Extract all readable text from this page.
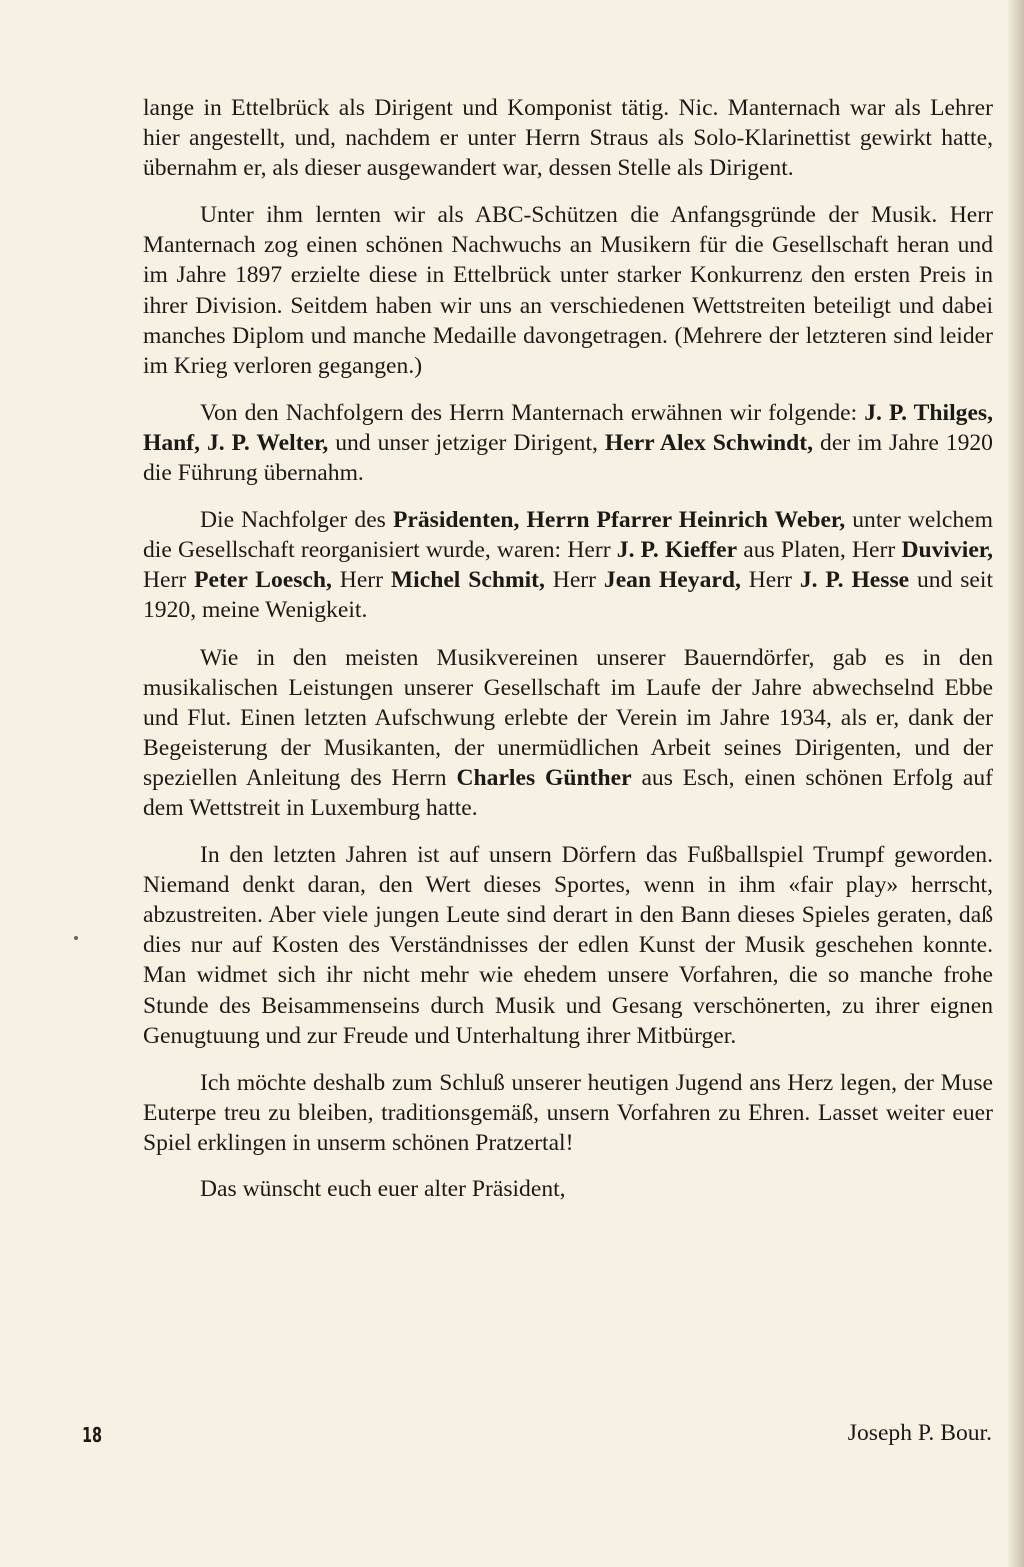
lange in Ettelbrück als Dirigent und Komponist tätig. Nic. Manternach war als Lehrer hier angestellt, und, nachdem er unter Herrn Straus als Solo-Klarinettist gewirkt hatte, übernahm er, als dieser ausgewandert war, dessen Stelle als Dirigent.

Unter ihm lernten wir als ABC-Schützen die Anfangsgründe der Musik. Herr Manternach zog einen schönen Nachwuchs an Musikern für die Gesellschaft heran und im Jahre 1897 erzielte diese in Ettelbrück unter starker Konkurrenz den ersten Preis in ihrer Division. Seitdem haben wir uns an verschiedenen Wettstreiten beteiligt und dabei manches Diplom und manche Medaille davongetragen. (Mehrere der letzteren sind leider im Krieg verloren gegangen.)

Von den Nachfolgern des Herrn Manternach erwähnen wir folgende: J. P. Thilges, Hanf, J. P. Welter, und unser jetziger Dirigent, Herr Alex Schwindt, der im Jahre 1920 die Führung übernahm.

Die Nachfolger des Präsidenten, Herrn Pfarrer Heinrich Weber, unter welchem die Gesellschaft reorganisiert wurde, waren: Herr J. P. Kieffer aus Platen, Herr Duvivier, Herr Peter Loesch, Herr Michel Schmit, Herr Jean Heyard, Herr J. P. Hesse und seit 1920, meine Wenigkeit.

Wie in den meisten Musikvereinen unserer Bauerndörfer, gab es in den musikalischen Leistungen unserer Gesellschaft im Laufe der Jahre abwechselnd Ebbe und Flut. Einen letzten Aufschwung erlebte der Verein im Jahre 1934, als er, dank der Begeisterung der Musikanten, der unermüdlichen Arbeit seines Dirigenten, und der speziellen Anleitung des Herrn Charles Günther aus Esch, einen schönen Erfolg auf dem Wettstreit in Luxemburg hatte.

In den letzten Jahren ist auf unsern Dörfern das Fußballspiel Trumpf geworden. Niemand denkt daran, den Wert dieses Sportes, wenn in ihm «fair play» herrscht, abzustreiten. Aber viele jungen Leute sind derart in den Bann dieses Spieles geraten, daß dies nur auf Kosten des Verständnisses der edlen Kunst der Musik geschehen konnte. Man widmet sich ihr nicht mehr wie ehedem unsere Vorfahren, die so manche frohe Stunde des Beisammenseins durch Musik und Gesang verschönerten, zu ihrer eignen Genugtuung und zur Freude und Unterhaltung ihrer Mitbürger.

Ich möchte deshalb zum Schluß unserer heutigen Jugend ans Herz legen, der Muse Euterpe treu zu bleiben, traditionsgemäß, unsern Vorfahren zu Ehren. Lasset weiter euer Spiel erklingen in unserm schönen Pratzertal!

Das wünscht euch euer alter Präsident,

Joseph P. Bour.

18
